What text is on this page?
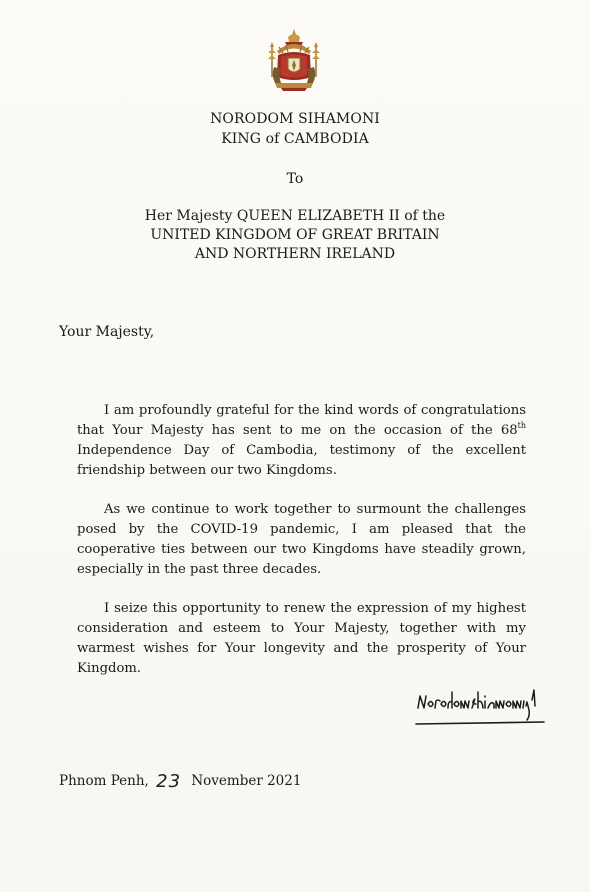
NORODOM SIHAMONI
KING of CAMBODIA
To
Her Majesty QUEEN ELIZABETH II of the
UNITED KINGDOM OF GREAT BRITAIN
AND NORTHERN IRELAND
Your Majesty,

I am profoundly grateful for the kind words of congratulations that Your Majesty has sent to me on the occasion of the 68th Independence Day of Cambodia, testimony of the excellent friendship between our two Kingdoms.

As we continue to work together to surmount the challenges posed by the COVID-19 pandemic, I am pleased that the cooperative ties between our two Kingdoms have steadily grown, especially in the past three decades.

I seize this opportunity to renew the expression of my highest consideration and esteem to Your Majesty, together with my warmest wishes for Your longevity and the prosperity of Your Kingdom.

Phnom Penh, 23 November 2021
